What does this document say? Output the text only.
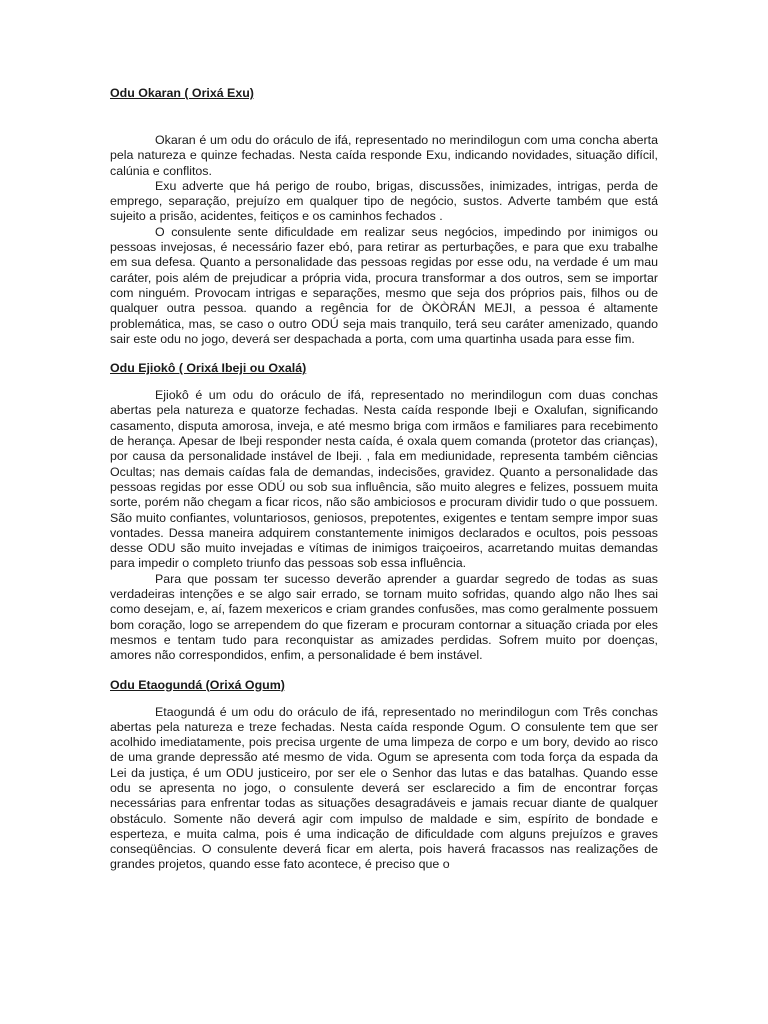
Odu Okaran ( Orixá Exu)

Okaran é um odu do oráculo de ifá, representado no merindilogun com uma concha aberta pela natureza e quinze fechadas. Nesta caída responde Exu, indicando novidades, situação difícil, calúnia e conflitos.

Exu adverte que há perigo de roubo, brigas, discussões, inimizades, intrigas, perda de emprego, separação, prejuízo em qualquer tipo de negócio, sustos. Adverte também que está sujeito a prisão, acidentes, feitiços e os caminhos fechados .

O consulente sente dificuldade em realizar seus negócios, impedindo por inimigos ou pessoas invejosas, é necessário fazer ebó, para retirar as perturbações, e para que exu trabalhe em sua defesa. Quanto a personalidade das pessoas regidas por esse odu, na verdade é um mau caráter, pois além de prejudicar a própria vida, procura transformar a dos outros, sem se importar com ninguém. Provocam intrigas e separações, mesmo que seja dos próprios pais, filhos ou de qualquer outra pessoa. quando a regência for de ÒKÒRÁN MEJI, a pessoa é altamente problemática, mas, se caso o outro ODÚ seja mais tranquilo, terá seu caráter amenizado, quando sair este odu no jogo, deverá ser despachada a porta, com uma quartinha usada para esse fim.

Odu Ejiokô ( Orixá Ibeji ou Oxalá)

Ejiokô é um odu do oráculo de ifá, representado no merindilogun com duas conchas abertas pela natureza e quatorze fechadas. Nesta caída responde Ibeji e Oxalufan, significando casamento, disputa amorosa, inveja, e até mesmo briga com irmãos e familiares para recebimento de herança. Apesar de Ibeji responder nesta caída, é oxala quem comanda (protetor das crianças), por causa da personalidade instável de Ibeji. , fala em mediunidade, representa também ciências Ocultas; nas demais caídas fala de demandas, indecisões, gravidez. Quanto a personalidade das pessoas regidas por esse ODÚ ou sob sua influência, são muito alegres e felizes, possuem muita sorte, porém não chegam a ficar ricos, não são ambiciosos e procuram dividir tudo o que possuem. São muito confiantes, voluntariosos, geniosos, prepotentes, exigentes e tentam sempre impor suas vontades. Dessa maneira adquirem constantemente inimigos declarados e ocultos, pois pessoas desse ODU são muito invejadas e vítimas de inimigos traiçoeiros, acarretando muitas demandas para impedir o completo triunfo das pessoas sob essa influência.

Para que possam ter sucesso deverão aprender a guardar segredo de todas as suas verdadeiras intenções e se algo sair errado, se tornam muito sofridas, quando algo não lhes sai como desejam, e, aí, fazem mexericos e criam grandes confusões, mas como geralmente possuem bom coração, logo se arrependem do que fizeram e procuram contornar a situação criada por eles mesmos e tentam tudo para reconquistar as amizades perdidas. Sofrem muito por doenças, amores não correspondidos, enfim, a personalidade é bem instável.

Odu Etaogundá (Orixá Ogum)

Etaogundá é um odu do oráculo de ifá, representado no merindilogun com Três conchas abertas pela natureza e treze fechadas. Nesta caída responde Ogum. O consulente tem que ser acolhido imediatamente, pois precisa urgente de uma limpeza de corpo e um bory, devido ao risco de uma grande depressão até mesmo de vida. Ogum se apresenta com toda força da espada da Lei da justiça, é um ODU justiceiro, por ser ele o Senhor das lutas e das batalhas. Quando esse odu se apresenta no jogo, o consulente deverá ser esclarecido a fim de encontrar forças necessárias para enfrentar todas as situações desagradáveis e jamais recuar diante de qualquer obstáculo. Somente não deverá agir com impulso de maldade e sim, espírito de bondade e esperteza, e muita calma, pois é uma indicação de dificuldade com alguns prejuízos e graves conseqüências. O consulente deverá ficar em alerta, pois haverá fracassos nas realizações de grandes projetos, quando esse fato acontece, é preciso que o
